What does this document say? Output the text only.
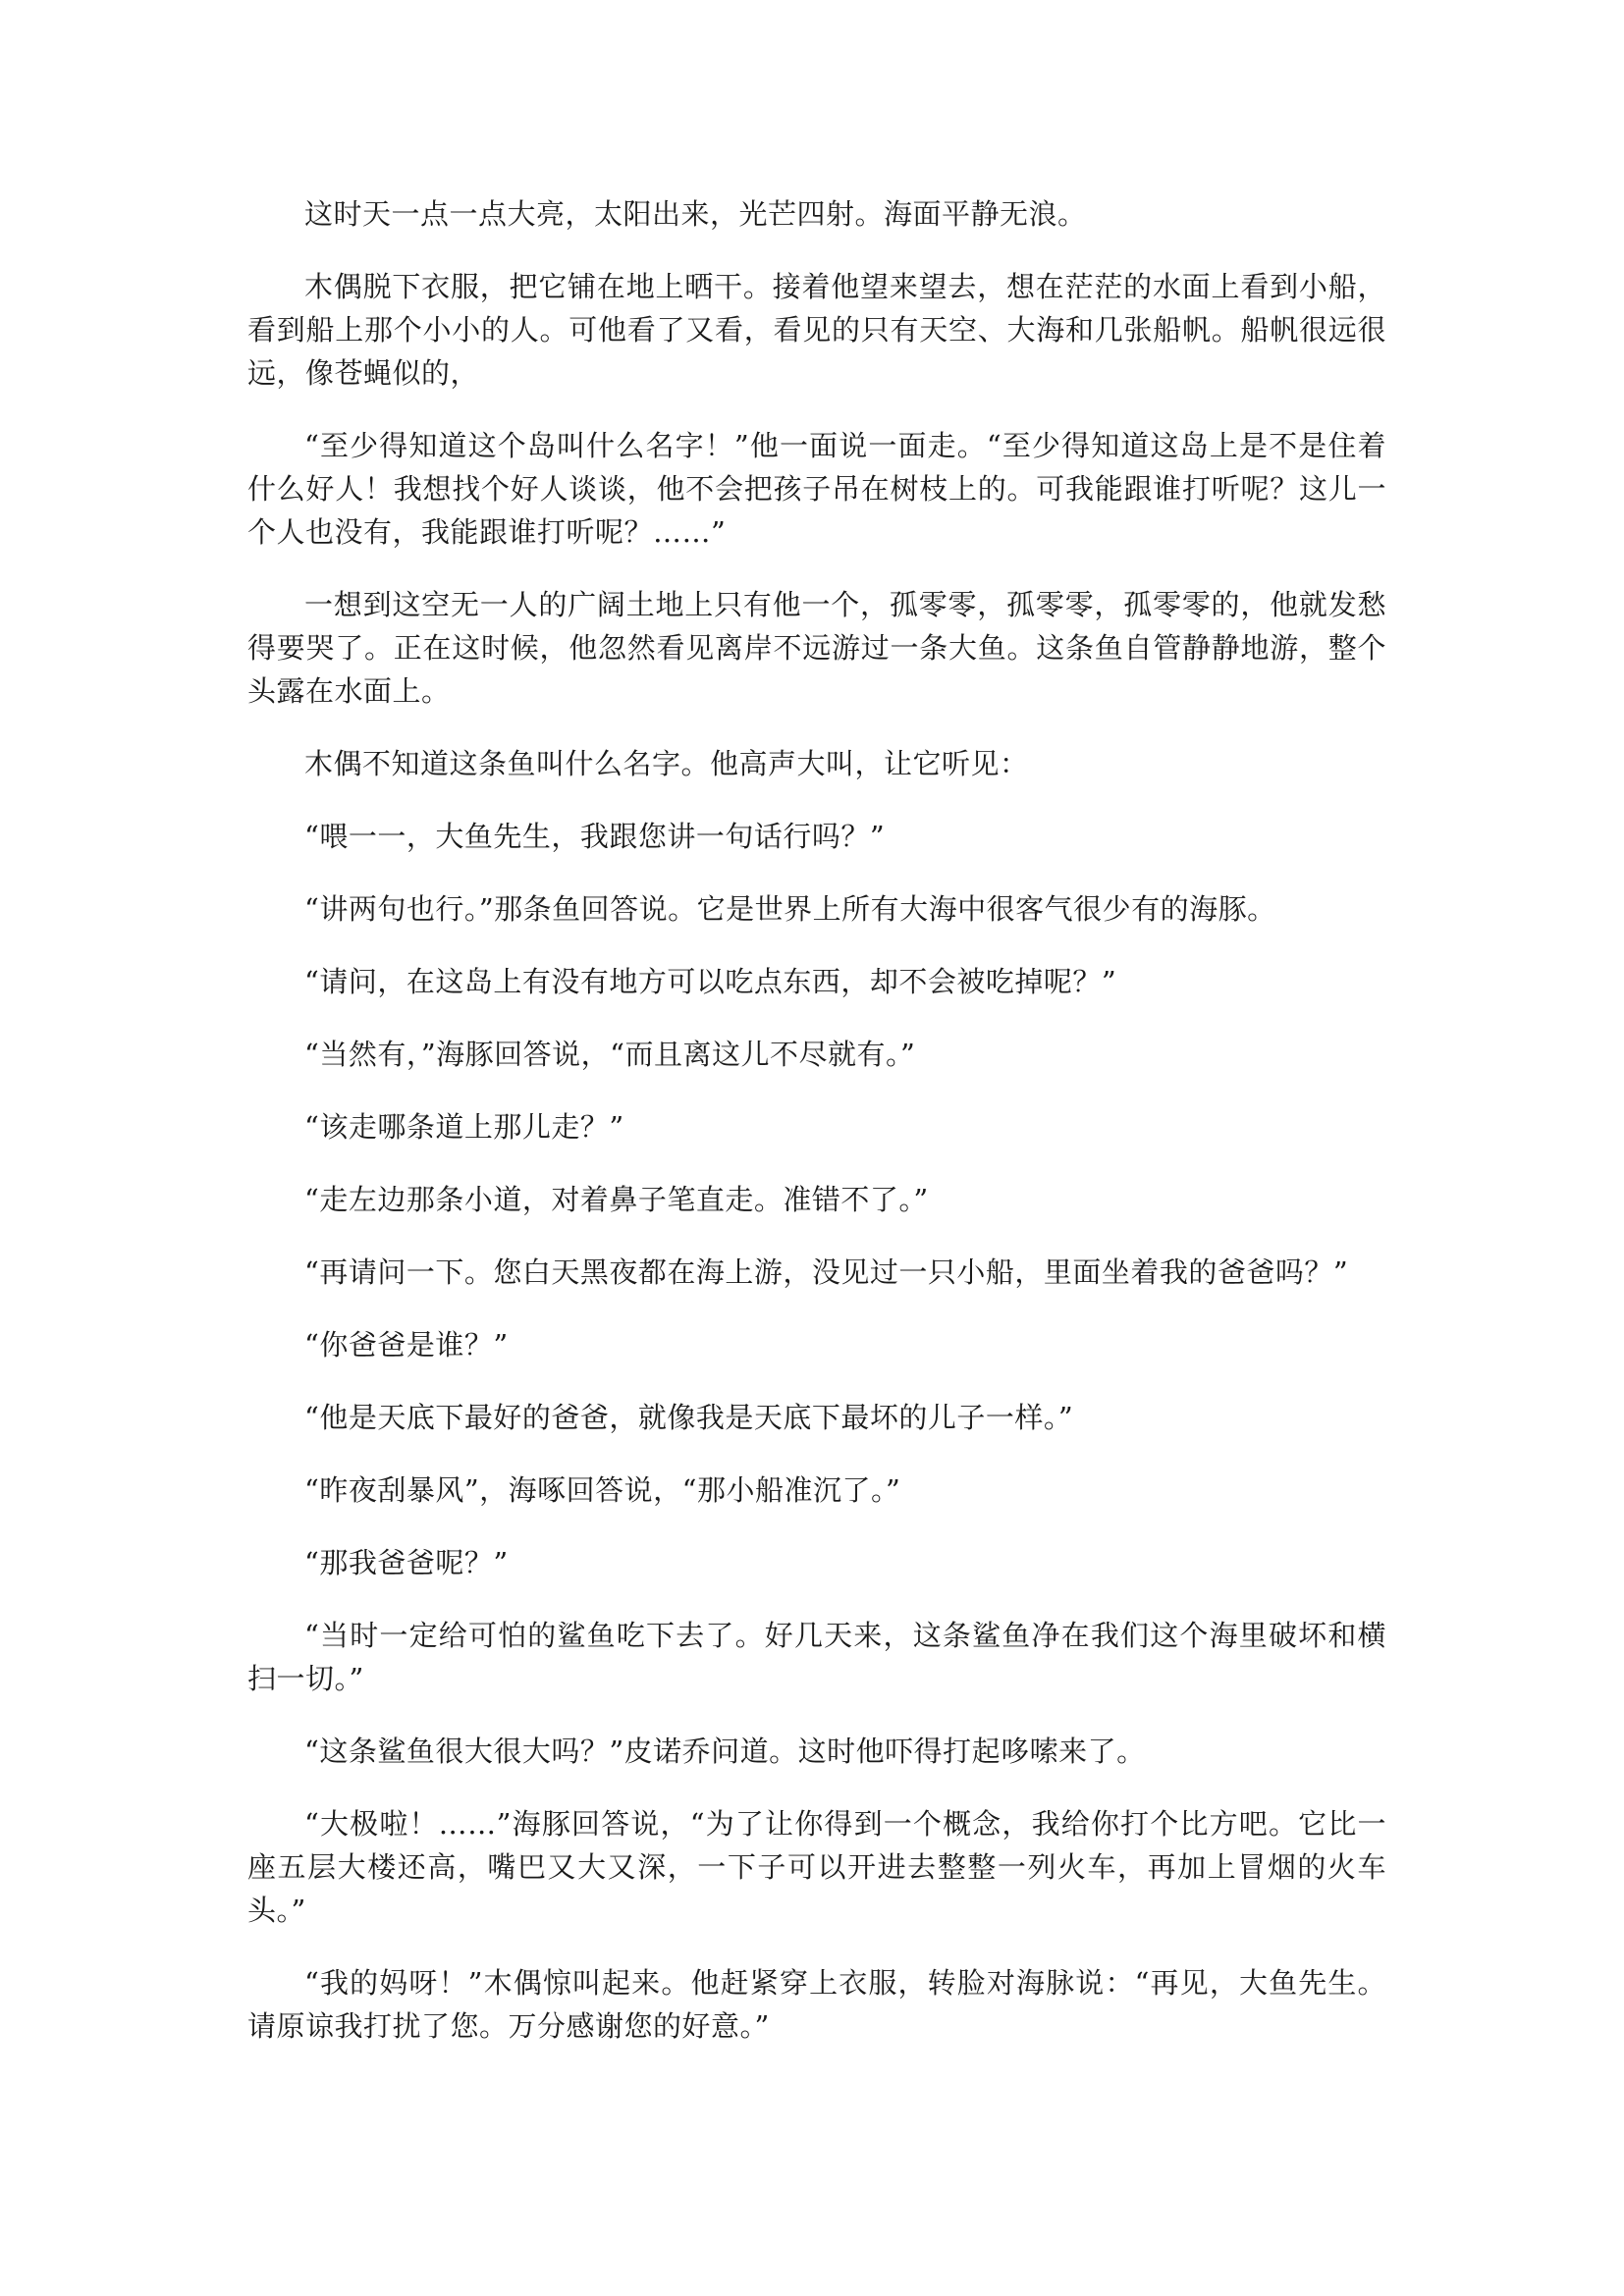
这时天一点一点大亮，太阳出来，光芒四射。海面平静无浪。

木偶脱下衣服，把它铺在地上晒干。接着他望来望去，想在茫茫的水面上看到小船，看到船上那个小小的人。可他看了又看，看见的只有天空、大海和几张船帆。船帆很远很远，像苍蝇似的，

“至少得知道这个岛叫什么名字！”他一面说一面走。“至少得知道这岛上是不是住着什么好人！我想找个好人谈谈，他不会把孩子吊在树枝上的。可我能跟谁打听呢？这儿一个人也没有，我能跟谁打听呢？……”

一想到这空无一人的广阔土地上只有他一个，孤零零，孤零零，孤零零的，他就发愁得要哭了。正在这时候，他忽然看见离岸不远游过一条大鱼。这条鱼自管静静地游，整个头露在水面上。

木偶不知道这条鱼叫什么名字。他高声大叫，让它听见：

“喂一一，大鱼先生，我跟您讲一句话行吗？”

“讲两句也行。”那条鱼回答说。它是世界上所有大海中很客气很少有的海豚。

“请问，在这岛上有没有地方可以吃点东西，却不会被吃掉呢？”

“当然有，”海豚回答说，“而且离这儿不尽就有。”

“该走哪条道上那儿走？”

“走左边那条小道，对着鼻子笔直走。准错不了。”

“再请问一下。您白天黑夜都在海上游，没见过一只小船，里面坐着我的爸爸吗？”

“你爸爸是谁？”

“他是天底下最好的爸爸，就像我是天底下最坏的儿子一样。”

“昨夜刮暴风”，海啄回答说，“那小船准沉了。”

“那我爸爸呢？”

“当时一定给可怕的鲨鱼吃下去了。好几天来，这条鲨鱼净在我们这个海里破坏和横扫一切。”

“这条鲨鱼很大很大吗？”皮诺乔问道。这时他吓得打起哆嗦来了。

“大极啦！……”海豚回答说，“为了让你得到一个概念，我给你打个比方吧。它比一座五层大楼还高，嘴巴又大又深，一下子可以开进去整整一列火车，再加上冒烟的火车头。”

“我的妈呀！”木偶惊叫起来。他赶紧穿上衣服，转脸对海脉说：“再见，大鱼先生。请原谅我打扰了您。万分感谢您的好意。”
